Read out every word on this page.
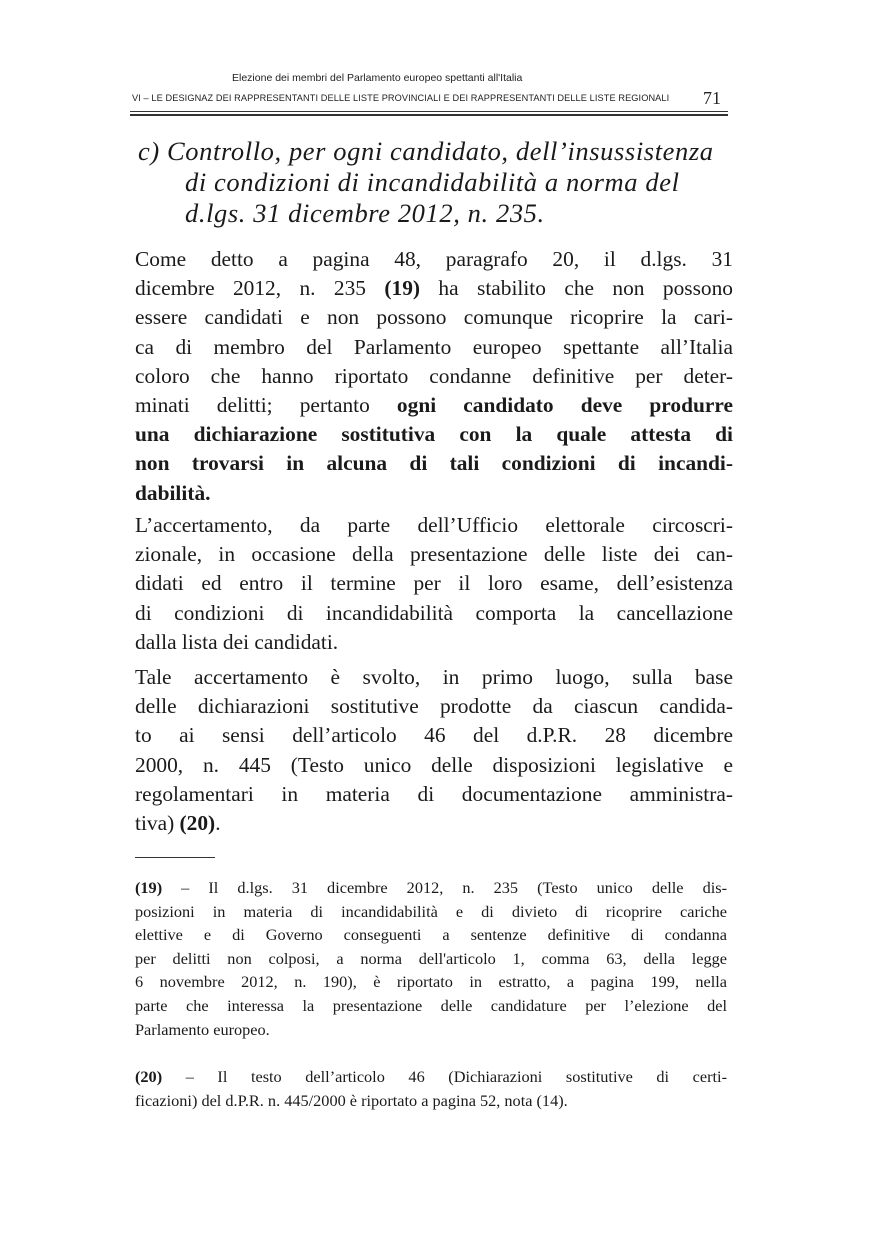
Elezione dei membri del Parlamento europeo spettanti all'Italia
VI – LE DESIGNAZ DEI RAPPRESENTANTI DELLE LISTE PROVINCIALI E DEI RAPPRESENTANTI DELLE LISTE REGIONALI 71
c) Controllo, per ogni candidato, dell’insussistenza
di condizioni di incandidabilità a norma del
d.lgs. 31 dicembre 2012, n. 235.
Come detto a pagina 48, paragrafo 20, il d.lgs. 31
dicembre 2012, n. 235 (19) ha stabilito che non possono
essere candidati e non possono comunque ricoprire la cari-
ca di membro del Parlamento europeo spettante all’Italia
coloro che hanno riportato condanne definitive per deter-
minati delitti; pertanto ogni candidato deve produrre
una dichiarazione sostitutiva con la quale attesta di
non trovarsi in alcuna di tali condizioni di incandi-
dabilità.
L’accertamento, da parte dell’Ufficio elettorale circoscri-
zionale, in occasione della presentazione delle liste dei can-
didati ed entro il termine per il loro esame, dell’esistenza
di condizioni di incandidabilità comporta la cancellazione
dalla lista dei candidati.
Tale accertamento è svolto, in primo luogo, sulla base
delle dichiarazioni sostitutive prodotte da ciascun candida-
to ai sensi dell’articolo 46 del d.P.R. 28 dicembre
2000, n. 445 (Testo unico delle disposizioni legislative e
regolamentari in materia di documentazione amministra-
tiva) (20).
(19) – Il d.lgs. 31 dicembre 2012, n. 235 (Testo unico delle dis-
posizioni in materia di incandidabilità e di divieto di ricoprire cariche
elettive e di Governo conseguenti a sentenze definitive di condanna
per delitti non colposi, a norma dell'articolo 1, comma 63, della legge
6 novembre 2012, n. 190), è riportato in estratto, a pagina 199, nella
parte che interessa la presentazione delle candidature per l’elezione del
Parlamento europeo.
(20) – Il testo dell’articolo 46 (Dichiarazioni sostitutive di certi-
ficazioni) del d.P.R. n. 445/2000 è riportato a pagina 52, nota (14).
